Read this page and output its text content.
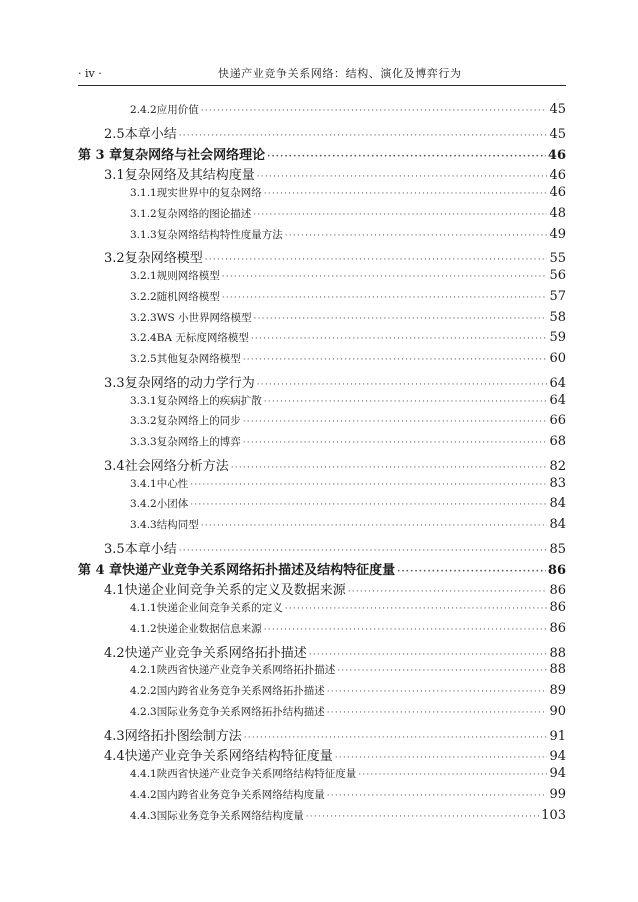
· iv ·	快递产业竞争关系网络：结构、演化及博弈行为
2.4.2 应用价值 ·····	45
2.5 本章小结 ·····	45
第 3 章 复杂网络与社会网络理论 ·····	46
3.1 复杂网络及其结构度量 ·····	46
3.1.1 现实世界中的复杂网络 ·····	46
3.1.2 复杂网络的图论描述 ·····	48
3.1.3 复杂网络结构特性度量方法 ·····	49
3.2 复杂网络模型 ·····	55
3.2.1 规则网络模型 ·····	56
3.2.2 随机网络模型 ·····	57
3.2.3 WS 小世界网络模型 ·····	58
3.2.4 BA 无标度网络模型 ·····	59
3.2.5 其他复杂网络模型 ·····	60
3.3 复杂网络的动力学行为 ·····	64
3.3.1 复杂网络上的疾病扩散 ·····	64
3.3.2 复杂网络上的同步 ·····	66
3.3.3 复杂网络上的博弈 ·····	68
3.4 社会网络分析方法 ·····	82
3.4.1 中心性 ·····	83
3.4.2 小团体 ·····	84
3.4.3 结构同型 ·····	84
3.5 本章小结 ·····	85
第 4 章 快递产业竞争关系网络拓扑描述及结构特征度量 ·····	86
4.1 快递企业间竞争关系的定义及数据来源 ·····	86
4.1.1 快递企业间竞争关系的定义 ·····	86
4.1.2 快递企业数据信息来源 ·····	86
4.2 快递产业竞争关系网络拓扑描述 ·····	88
4.2.1 陕西省快递产业竞争关系网络拓扑描述 ·····	88
4.2.2 国内跨省业务竞争关系网络拓扑描述 ·····	89
4.2.3 国际业务竞争关系网络拓扑结构描述 ·····	90
4.3 网络拓扑图绘制方法 ·····	91
4.4 快递产业竞争关系网络结构特征度量 ·····	94
4.4.1 陕西省快递产业竞争关系网络结构特征度量 ·····	94
4.4.2 国内跨省业务竞争关系网络结构度量 ·····	99
4.4.3 国际业务竞争关系网络结构度量 ·····	103
